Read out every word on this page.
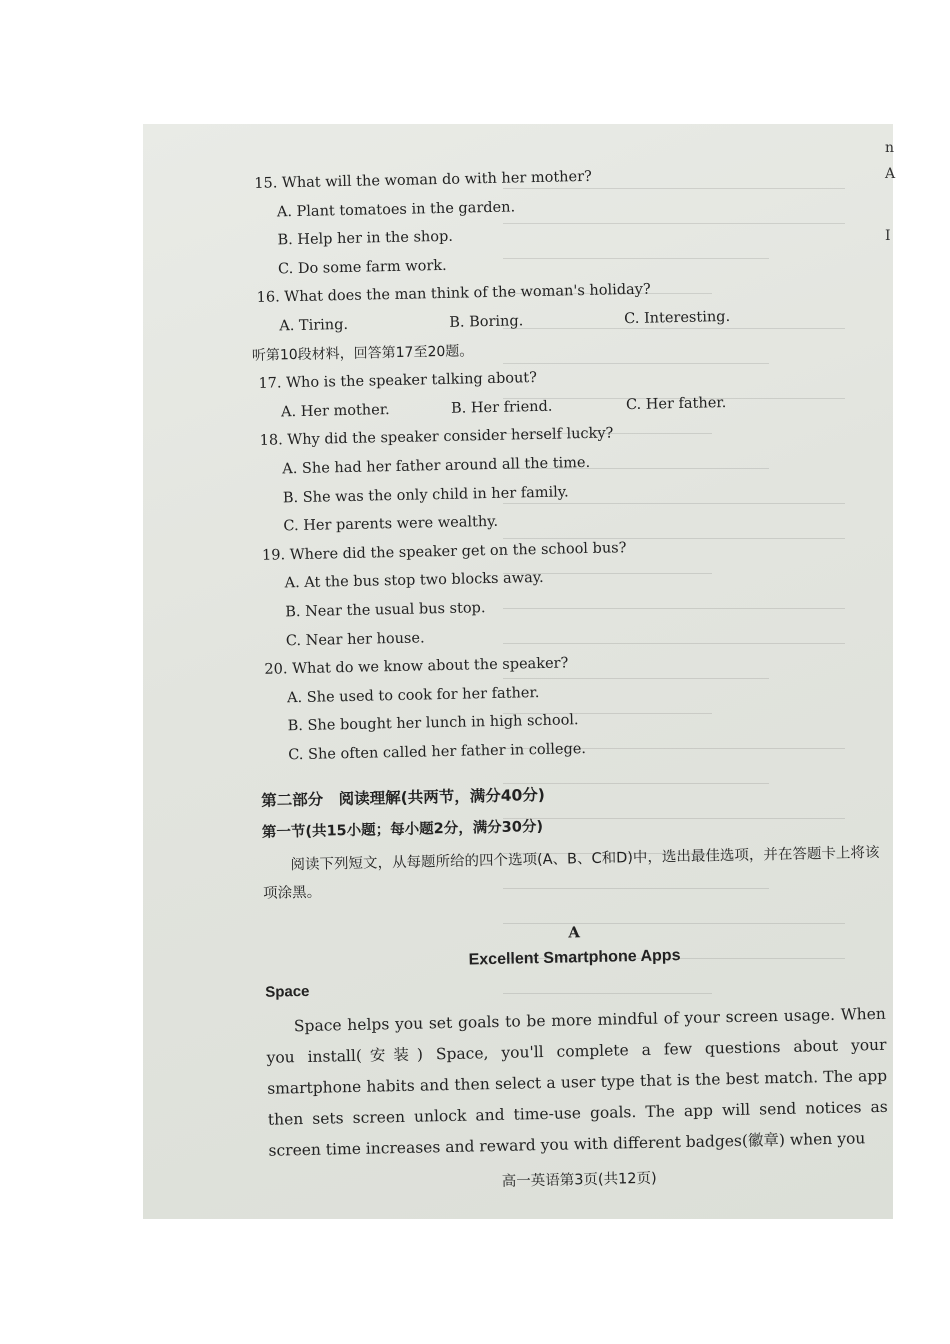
n
A
I
15. What will the woman do with her mother?
A. Plant tomatoes in the garden.
B. Help her in the shop.
C. Do some farm work.
16. What does the man think of the woman's holiday?
A. Tiring.	B. Boring.	C. Interesting.
听第10段材料，回答第17至20题。
17. Who is the speaker talking about?
A. Her mother.	B. Her friend.	C. Her father.
18. Why did the speaker consider herself lucky?
A. She had her father around all the time.
B. She was the only child in her family.
C. Her parents were wealthy.
19. Where did the speaker get on the school bus?
A. At the bus stop two blocks away.
B. Near the usual bus stop.
C. Near her house.
20. What do we know about the speaker?
A. She used to cook for her father.
B. She bought her lunch in high school.
C. She often called her father in college.
第二部分　阅读理解(共两节，满分40分)
第一节(共15小题；每小题2分，满分30分)
阅读下列短文，从每题所给的四个选项(A、B、C和D)中，选出最佳选项，并在答题卡上将该项涂黑。
A
Excellent Smartphone Apps
Space
Space helps you set goals to be more mindful of your screen usage. When you install(安装) Space, you'll complete a few questions about your smartphone habits and then select a user type that is the best match. The app then sets screen unlock and time-use goals. The app will send notices as screen time increases and reward you with different badges(徽章) when you
高一英语第3页(共12页)
